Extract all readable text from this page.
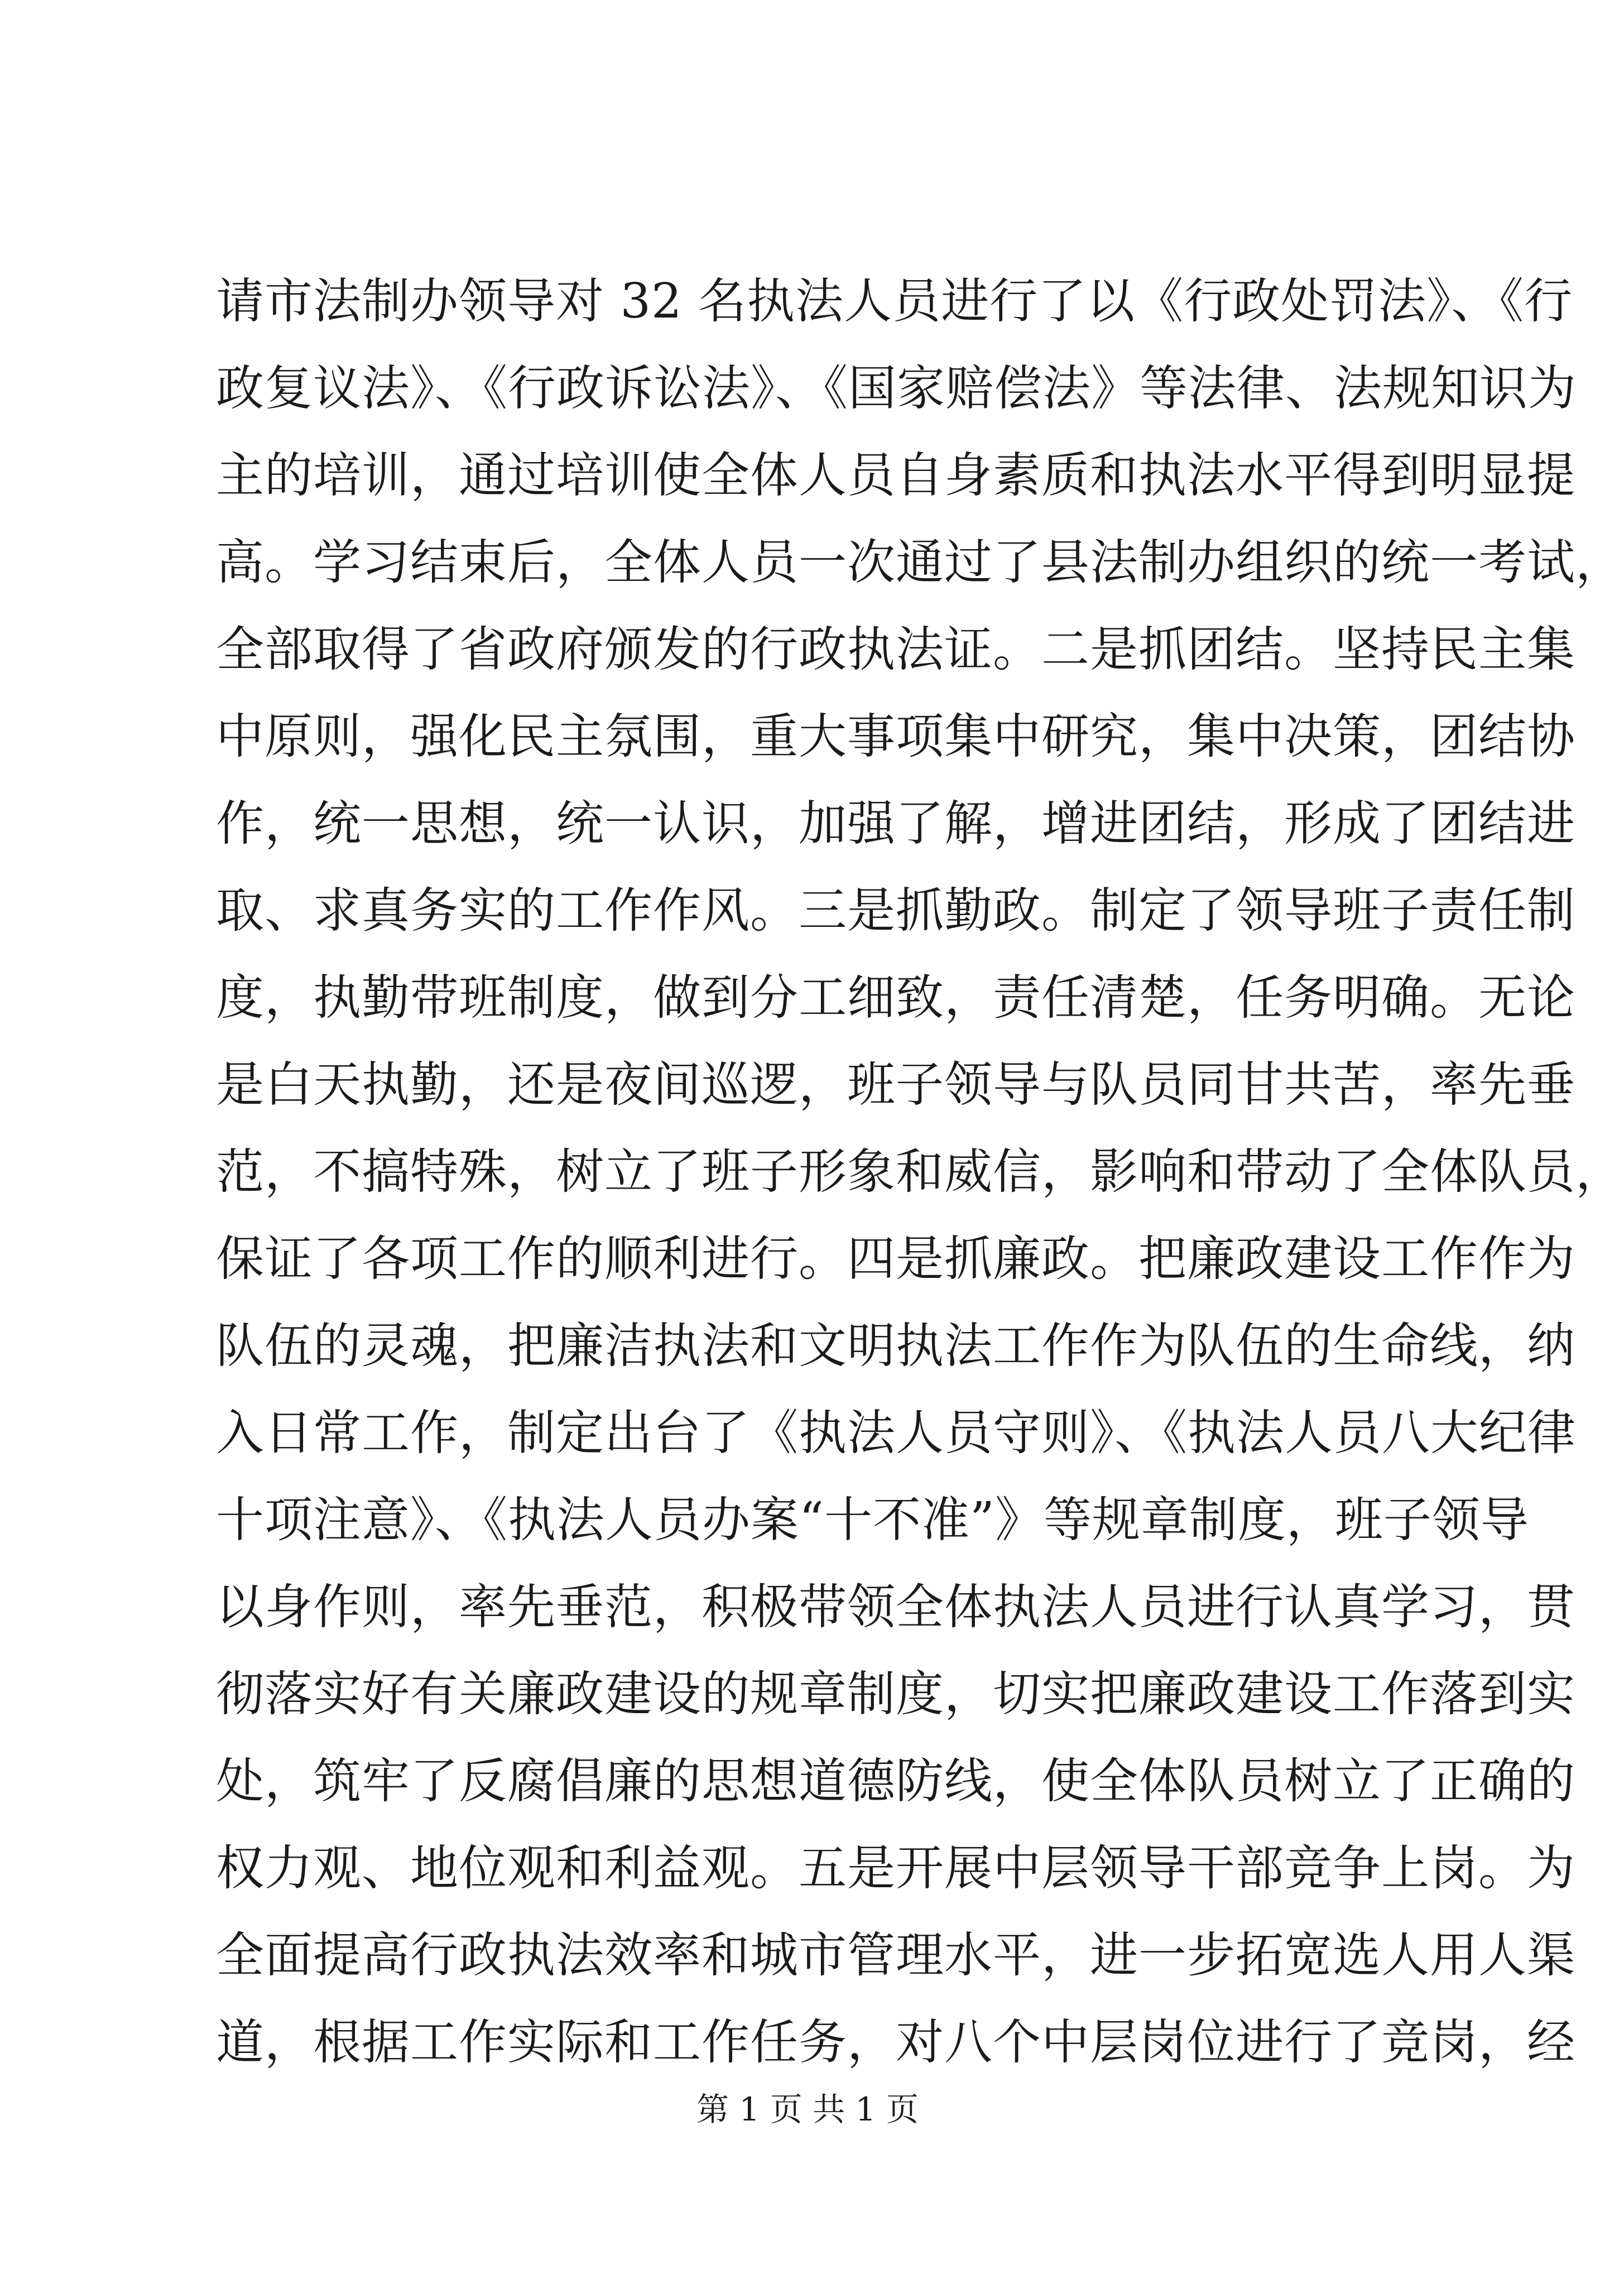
请市法制办领导对 32 名执法人员进行了以《行政处罚法》、《行
政复议法》、《行政诉讼法》、《国家赔偿法》等法律、法规知识为
主的培训，通过培训使全体人员自身素质和执法水平得到明显提
高。学习结束后，全体人员一次通过了县法制办组织的统一考试，
全部取得了省政府颁发的行政执法证。二是抓团结。坚持民主集
中原则，强化民主氛围，重大事项集中研究，集中决策，团结协
作，统一思想，统一认识，加强了解，增进团结，形成了团结进
取、求真务实的工作作风。三是抓勤政。制定了领导班子责任制
度，执勤带班制度，做到分工细致，责任清楚，任务明确。无论
是白天执勤，还是夜间巡逻，班子领导与队员同甘共苦，率先垂
范，不搞特殊，树立了班子形象和威信，影响和带动了全体队员，
保证了各项工作的顺利进行。四是抓廉政。把廉政建设工作作为
队伍的灵魂，把廉洁执法和文明执法工作作为队伍的生命线，纳
入日常工作，制定出台了《执法人员守则》、《执法人员八大纪律
十项注意》、《执法人员办案“十不准”》等规章制度，班子领导
以身作则，率先垂范，积极带领全体执法人员进行认真学习，贯
彻落实好有关廉政建设的规章制度，切实把廉政建设工作落到实
处，筑牢了反腐倡廉的思想道德防线，使全体队员树立了正确的
权力观、地位观和利益观。五是开展中层领导干部竞争上岗。为
全面提高行政执法效率和城市管理水平，进一步拓宽选人用人渠
道，根据工作实际和工作任务，对八个中层岗位进行了竞岗，经
第 1 页 共 1 页
